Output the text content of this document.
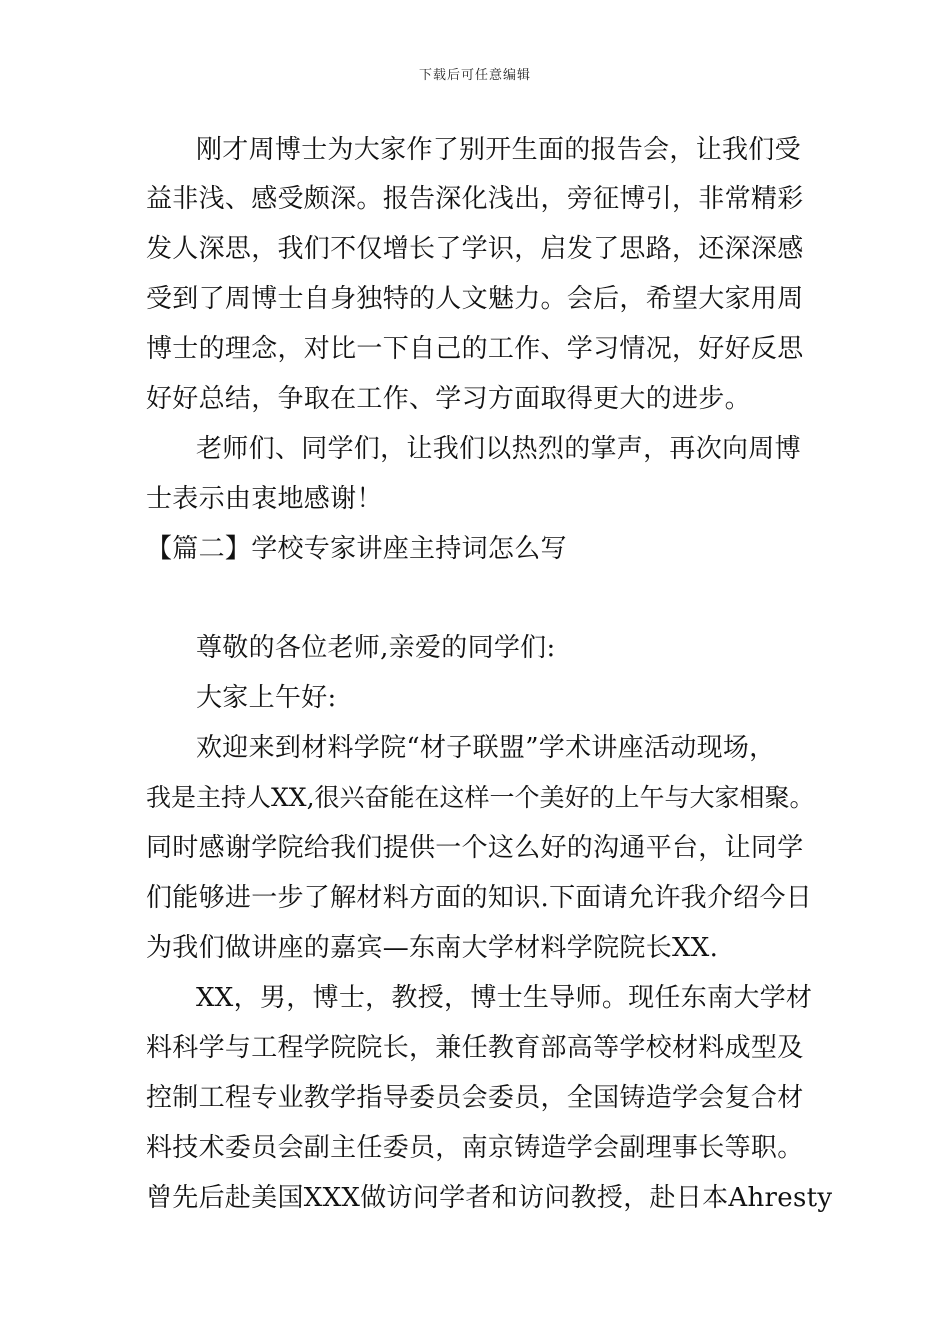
下载后可任意编辑
刚才周博士为大家作了别开生面的报告会，让我们受
益非浅、感受颇深。报告深化浅出，旁征博引，非常精彩
发人深思，我们不仅增长了学识，启发了思路，还深深感
受到了周博士自身独特的人文魅力。会后，希望大家用周
博士的理念，对比一下自己的工作、学习情况，好好反思
好好总结，争取在工作、学习方面取得更大的进步。
老师们、同学们，让我们以热烈的掌声，再次向周博
士表示由衷地感谢！
【篇二】学校专家讲座主持词怎么写
尊敬的各位老师,亲爱的同学们:
大家上午好:
欢迎来到材料学院“材子联盟”学术讲座活动现场，
我是主持人XX,很兴奋能在这样一个美好的上午与大家相聚。
同时感谢学院给我们提供一个这么好的沟通平台，让同学
们能够进一步了解材料方面的知识.下面请允许我介绍今日
为我们做讲座的嘉宾—东南大学材料学院院长XX.
XX，男，博士，教授，博士生导师。现任东南大学材
料科学与工程学院院长，兼任教育部高等学校材料成型及
控制工程专业教学指导委员会委员，全国铸造学会复合材
料技术委员会副主任委员，南京铸造学会副理事长等职。
曾先后赴美国XXX做访问学者和访问教授，赴日本Ahresty
